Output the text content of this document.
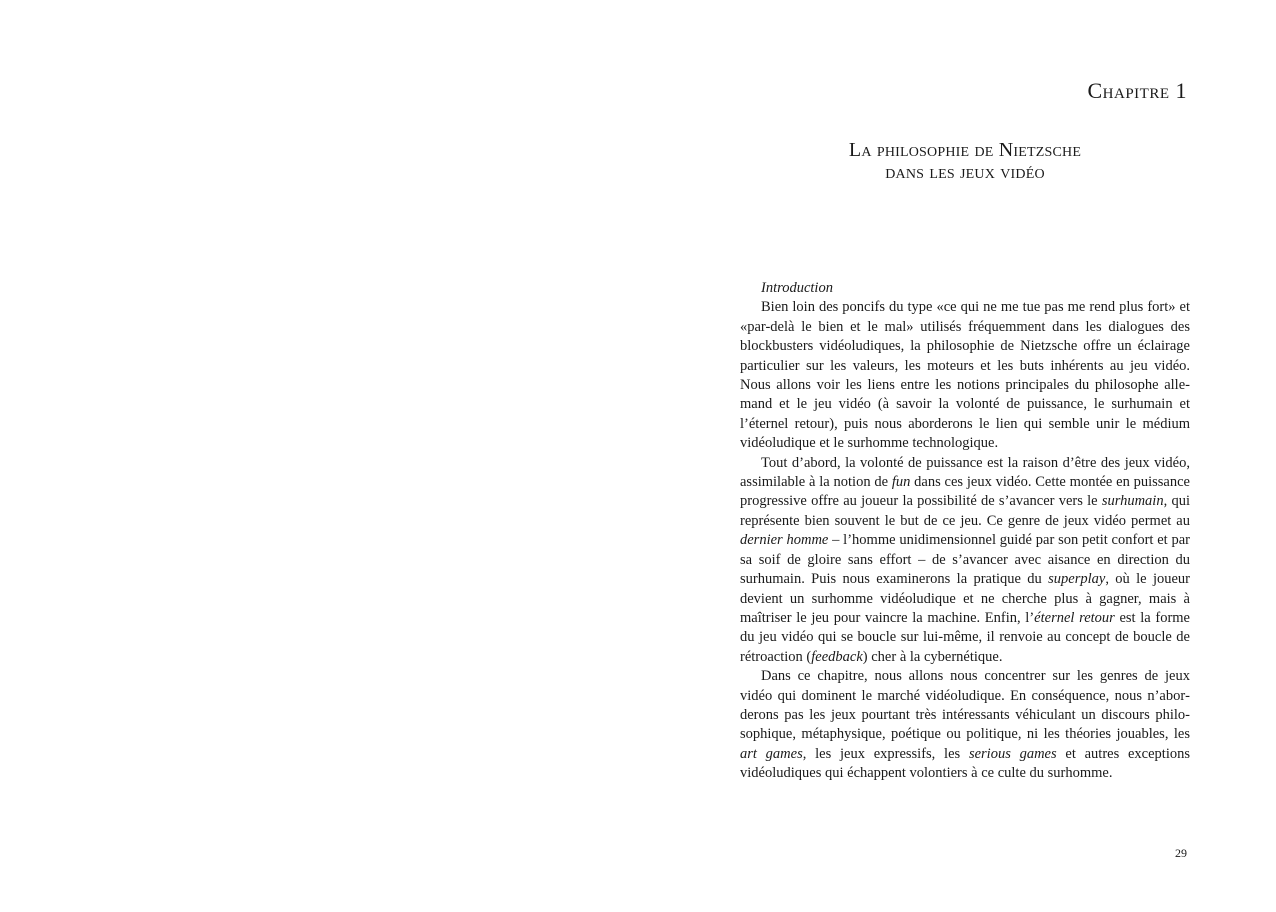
Chapitre 1
La philosophie de Nietzsche
dans les jeux vidéo

Introduction

Bien loin des poncifs du type «ce qui ne me tue pas me rend plus fort» et «par-delà le bien et le mal» utilisés fréquemment dans les dialogues des blockbusters vidéoludiques, la philosophie de Nietzsche offre un éclairage particulier sur les valeurs, les moteurs et les buts inhérents au jeu vidéo. Nous allons voir les liens entre les notions principales du philosophe allemand et le jeu vidéo (à savoir la volonté de puissance, le surhumain et l’éternel retour), puis nous aborderons le lien qui semble unir le médium vidéoludique et le surhomme technologique.

Tout d’abord, la volonté de puissance est la raison d’être des jeux vidéo, assimilable à la notion de fun dans ces jeux vidéo. Cette montée en puissance progressive offre au joueur la possibilité de s’avancer vers le surhumain, qui représente bien souvent le but de ce jeu. Ce genre de jeux vidéo permet au dernier homme – l’homme unidimensionnel guidé par son petit confort et par sa soif de gloire sans effort – de s’avancer avec aisance en direction du surhumain. Puis nous examinerons la pratique du superplay, où le joueur devient un surhomme vidéoludique et ne cherche plus à gagner, mais à maîtriser le jeu pour vaincre la machine. Enfin, l’éternel retour est la forme du jeu vidéo qui se boucle sur lui-même, il renvoie au concept de boucle de rétroaction (feedback) cher à la cybernétique.

Dans ce chapitre, nous allons nous concentrer sur les genres de jeux vidéo qui dominent le marché vidéoludique. En conséquence, nous n’aborderons pas les jeux pourtant très intéressants véhiculant un discours philosophique, métaphysique, poétique ou politique, ni les théories jouables, les art games, les jeux expressifs, les serious games et autres exceptions vidéoludiques qui échappent volontiers à ce culte du surhomme.

29
